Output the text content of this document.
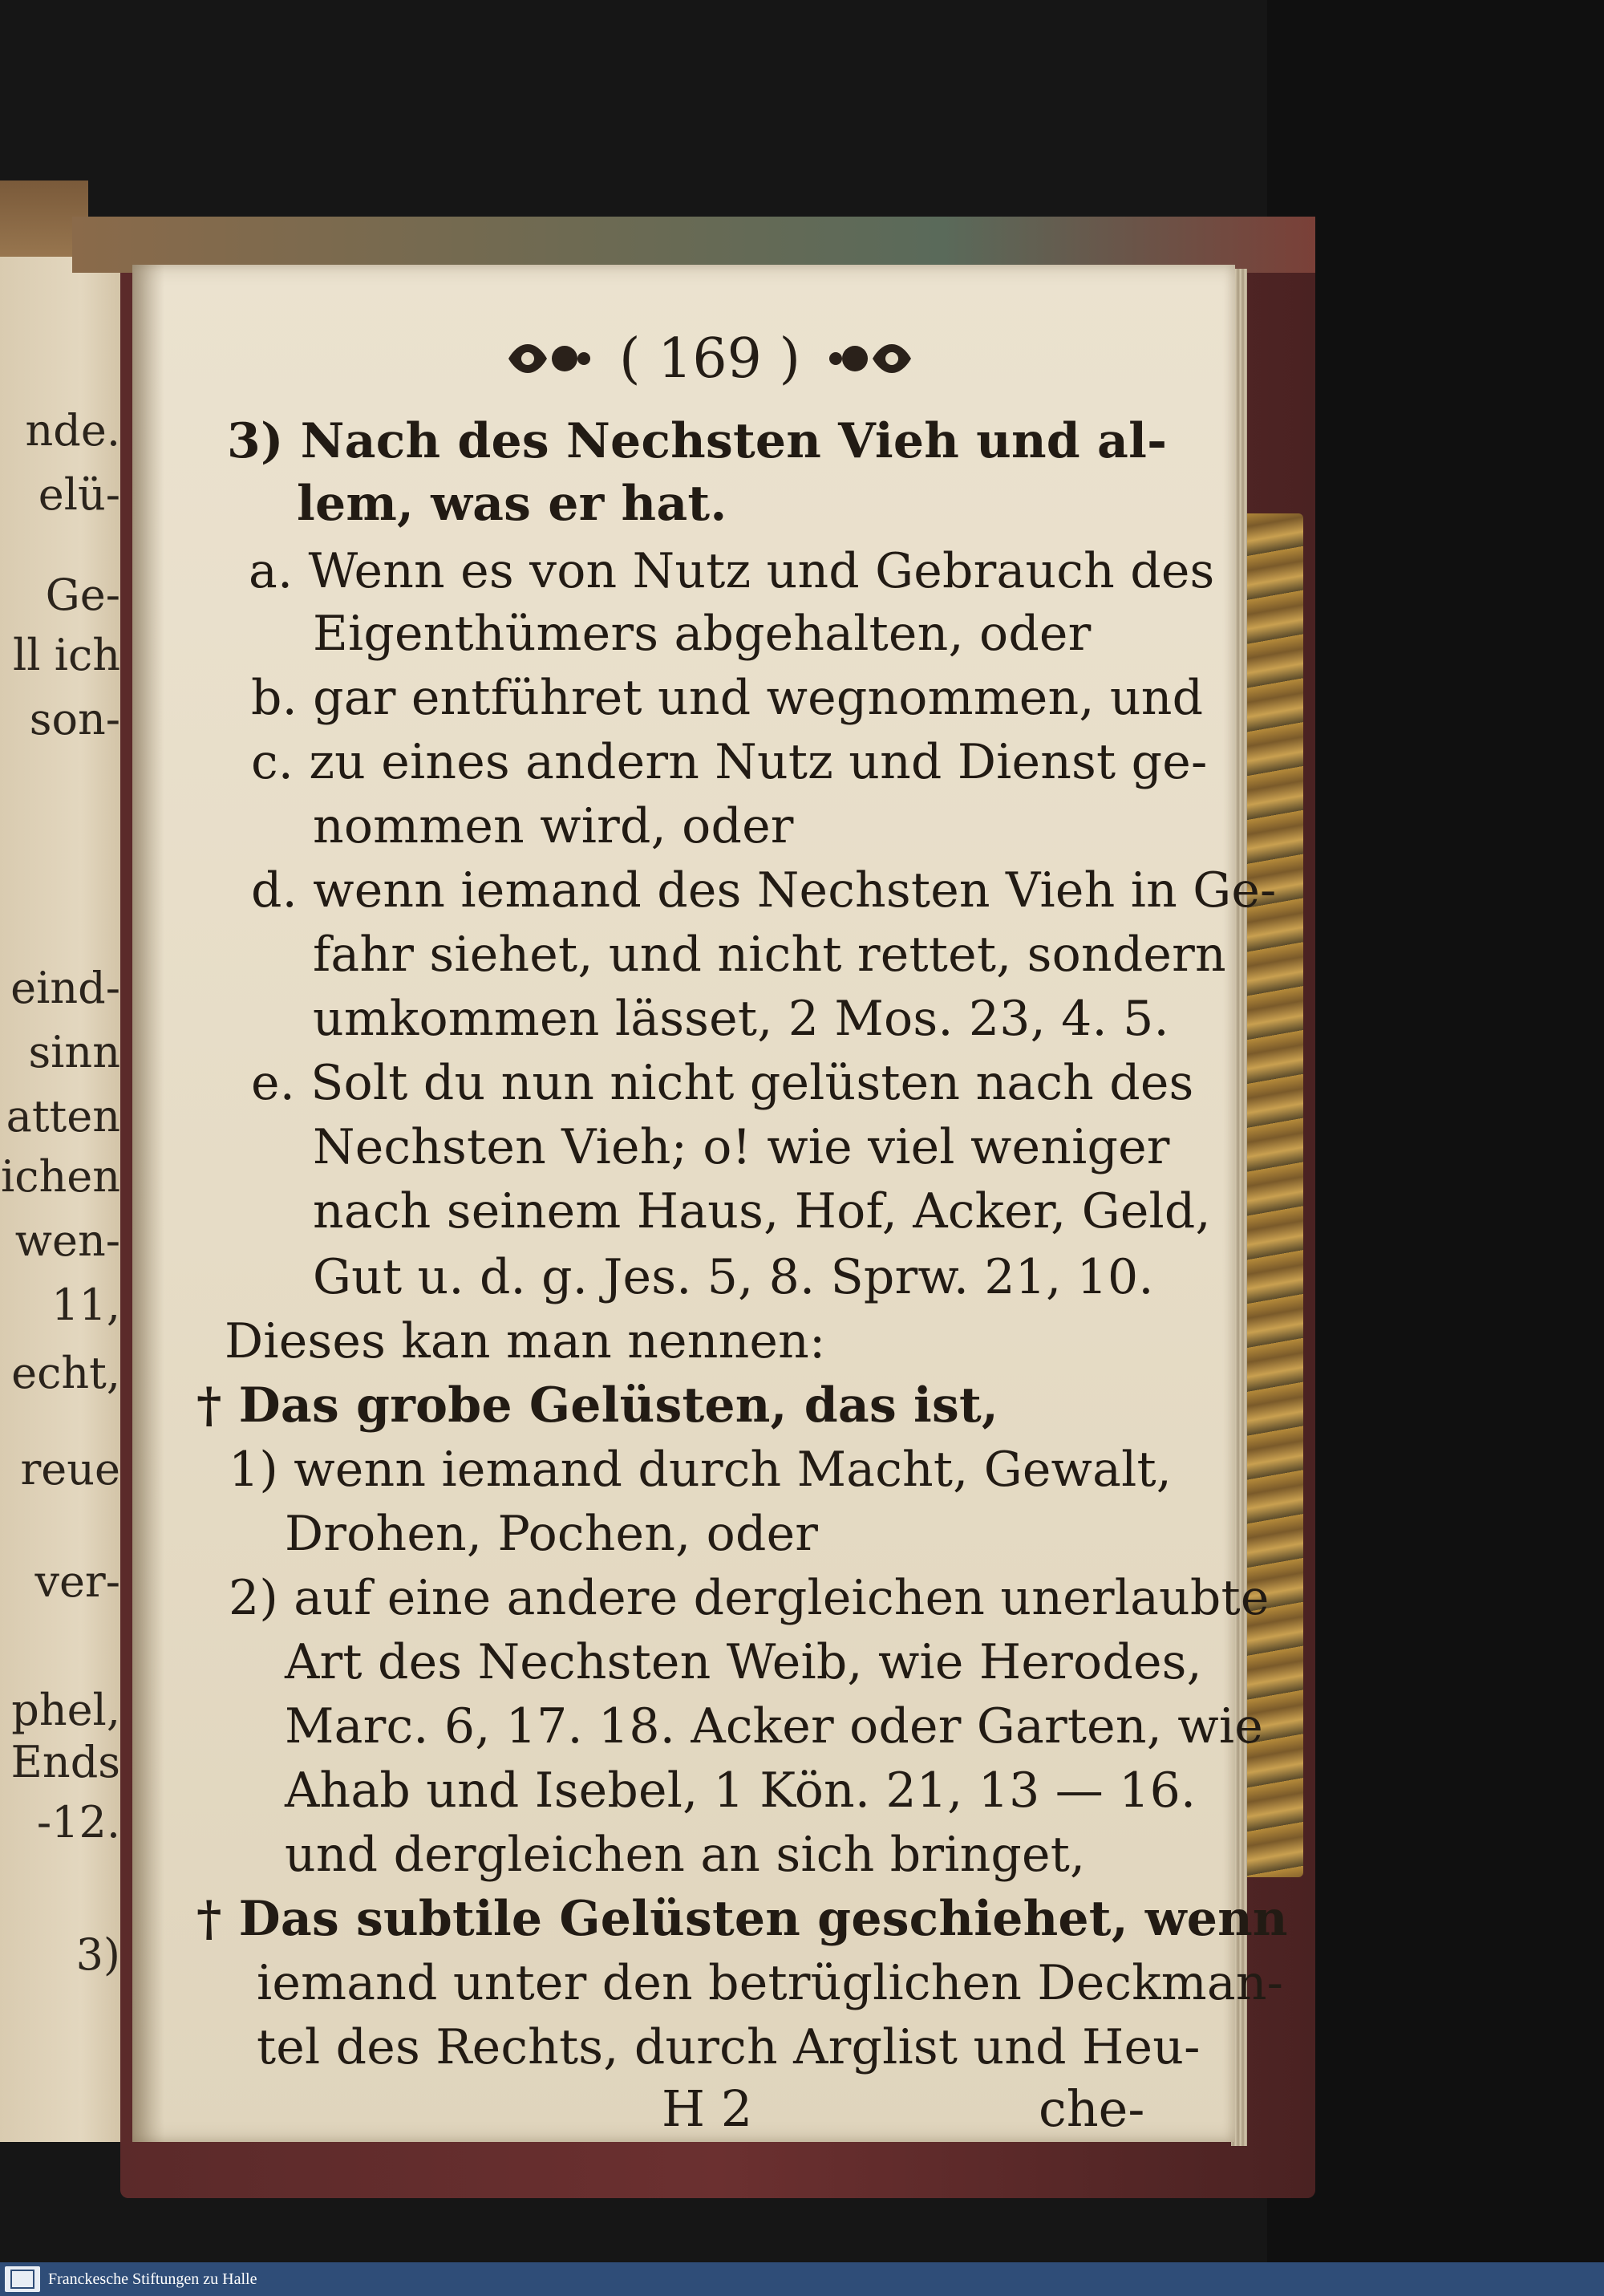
nde.
elü-
Ge-
ll ich
son-
eind-
sinn
atten
ichen
wen-
11,
echt,
reue
ver-
phel,
Ends
-12.
3)
( 169 )
3) Nach des Nechsten Vieh und al-
lem, was er hat.
a. Wenn es von Nutz und Gebrauch des
Eigenthümers abgehalten, oder
b. gar entführet und wegnommen, und
c. zu eines andern Nutz und Dienst ge-
nommen wird, oder
d. wenn iemand des Nechsten Vieh in Ge-
fahr siehet, und nicht rettet, sondern
umkommen lässet, 2 Mos. 23, 4. 5.
e. Solt du nun nicht gelüsten nach des
Nechsten Vieh; o! wie viel weniger
nach seinem Haus, Hof, Acker, Geld,
Gut u. d. g. Jes. 5, 8. Sprw. 21, 10.
Dieses kan man nennen:
† Das grobe Gelüsten, das ist,
1) wenn iemand durch Macht, Gewalt,
Drohen, Pochen, oder
2) auf eine andere dergleichen unerlaubte
Art des Nechsten Weib, wie Herodes,
Marc. 6, 17. 18. Acker oder Garten, wie
Ahab und Isebel, 1 Kön. 21, 13 — 16.
und dergleichen an sich bringet,
† Das subtile Gelüsten geschiehet, wenn
iemand unter den betrüglichen Deckman-
tel des Rechts, durch Arglist und Heu-
H 2	che-
Franckesche Stiftungen zu Halle
